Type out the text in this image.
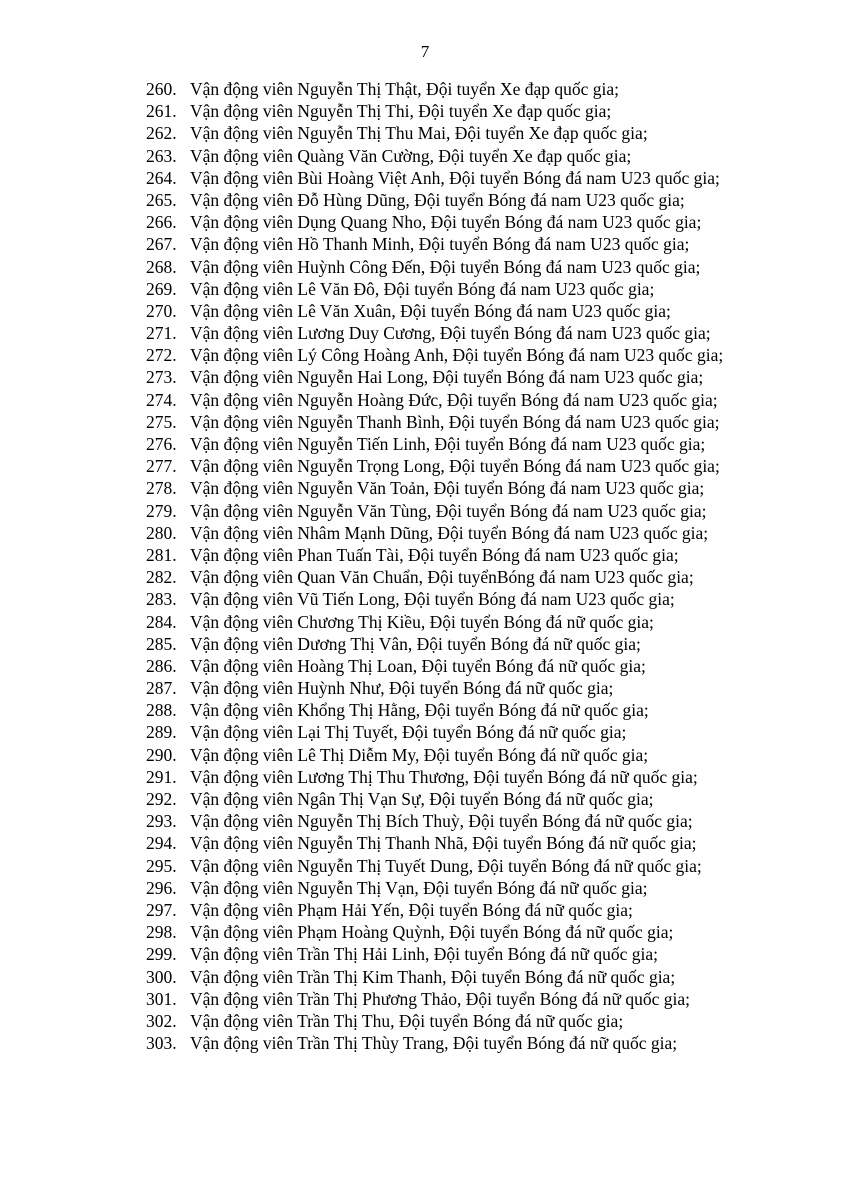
7
260. Vận động viên Nguyễn Thị Thật, Đội tuyển Xe đạp quốc gia;
261. Vận động viên Nguyễn Thị Thi, Đội tuyển Xe đạp quốc gia;
262. Vận động viên Nguyễn Thị Thu Mai, Đội tuyển Xe đạp quốc gia;
263. Vận động viên Quàng Văn Cường, Đội tuyển Xe đạp quốc gia;
264. Vận động viên Bùi Hoàng Việt Anh, Đội tuyển Bóng đá nam U23 quốc gia;
265. Vận động viên Đỗ Hùng Dũng, Đội tuyển Bóng đá nam U23 quốc gia;
266. Vận động viên Dụng Quang Nho, Đội tuyển Bóng đá nam U23 quốc gia;
267. Vận động viên Hồ Thanh Minh, Đội tuyển Bóng đá nam U23 quốc gia;
268. Vận động viên Huỳnh Công Đến, Đội tuyển Bóng đá nam U23 quốc gia;
269. Vận động viên Lê Văn Đô, Đội tuyển Bóng đá nam U23 quốc gia;
270. Vận động viên Lê Văn Xuân, Đội tuyển Bóng đá nam U23 quốc gia;
271. Vận động viên Lương Duy Cương, Đội tuyển Bóng đá nam U23 quốc gia;
272. Vận động viên Lý Công Hoàng Anh, Đội tuyển Bóng đá nam U23 quốc gia;
273. Vận động viên Nguyễn Hai Long, Đội tuyển Bóng đá nam U23 quốc gia;
274. Vận động viên Nguyễn Hoàng Đức, Đội tuyển Bóng đá nam U23 quốc gia;
275. Vận động viên Nguyễn Thanh Bình, Đội tuyển Bóng đá nam U23 quốc gia;
276. Vận động viên Nguyễn Tiến Linh, Đội tuyển Bóng đá nam U23 quốc gia;
277. Vận động viên Nguyễn Trọng Long, Đội tuyển Bóng đá nam U23 quốc gia;
278. Vận động viên Nguyễn Văn Toản, Đội tuyển Bóng đá nam U23 quốc gia;
279. Vận động viên Nguyễn Văn Tùng, Đội tuyển Bóng đá nam U23 quốc gia;
280. Vận động viên Nhâm Mạnh Dũng, Đội tuyển Bóng đá nam U23 quốc gia;
281. Vận động viên Phan Tuấn Tài, Đội tuyển Bóng đá nam U23 quốc gia;
282. Vận động viên Quan Văn Chuẩn, Đội tuyểnBóng đá nam U23 quốc gia;
283. Vận động viên Vũ Tiến Long, Đội tuyển Bóng đá nam U23 quốc gia;
284. Vận động viên Chương Thị Kiều, Đội tuyển Bóng đá nữ quốc gia;
285. Vận động viên Dương Thị Vân, Đội tuyển Bóng đá nữ quốc gia;
286. Vận động viên Hoàng Thị Loan, Đội tuyển Bóng đá nữ quốc gia;
287. Vận động viên Huỳnh Như, Đội tuyển Bóng đá nữ quốc gia;
288. Vận động viên Khổng Thị Hằng, Đội tuyển Bóng đá nữ quốc gia;
289. Vận động viên Lại Thị Tuyết, Đội tuyển Bóng đá nữ quốc gia;
290. Vận động viên Lê Thị Diễm My, Đội tuyển Bóng đá nữ quốc gia;
291. Vận động viên Lương Thị Thu Thương, Đội tuyển Bóng đá nữ quốc gia;
292. Vận động viên Ngân Thị Vạn Sự, Đội tuyển Bóng đá nữ quốc gia;
293. Vận động viên Nguyễn Thị Bích Thuỳ, Đội tuyển Bóng đá nữ quốc gia;
294. Vận động viên Nguyễn Thị Thanh Nhã, Đội tuyển Bóng đá nữ quốc gia;
295. Vận động viên Nguyễn Thị Tuyết Dung, Đội tuyển Bóng đá nữ quốc gia;
296. Vận động viên Nguyễn Thị Vạn, Đội tuyển Bóng đá nữ quốc gia;
297. Vận động viên Phạm Hải Yến, Đội tuyển Bóng đá nữ quốc gia;
298. Vận động viên Phạm Hoàng Quỳnh, Đội tuyển Bóng đá nữ quốc gia;
299. Vận động viên Trần Thị Hải Linh, Đội tuyển Bóng đá nữ quốc gia;
300. Vận động viên Trần Thị Kim Thanh, Đội tuyển Bóng đá nữ quốc gia;
301. Vận động viên Trần Thị Phương Thảo, Đội tuyển Bóng đá nữ quốc gia;
302. Vận động viên Trần Thị Thu, Đội tuyển Bóng đá nữ quốc gia;
303. Vận động viên Trần Thị Thùy Trang, Đội tuyển Bóng đá nữ quốc gia;
